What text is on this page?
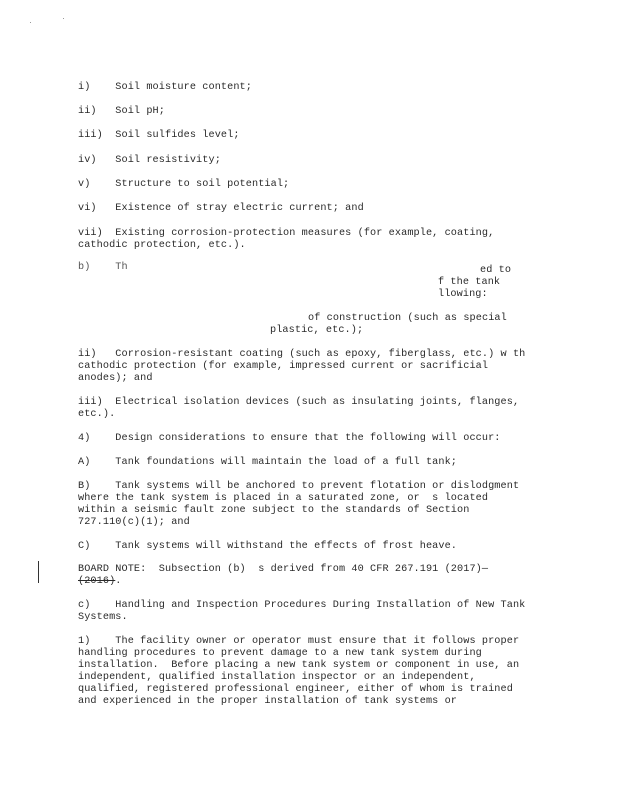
i)    Soil moisture content;
ii)   Soil pH;
iii)  Soil sulfides level;
iv)   Soil resistivity;
v)    Structure to soil potential;
vi)   Existence of stray electric current; and
vii)  Existing corrosion-protection measures (for example, coating,
cathodic protection, etc.).
b)    Th	ed to
f the tank
llowing:
of construction (such as special
plastic, etc.);
ii)   Corrosion-resistant coating (such as epoxy, fiberglass, etc.) w th
cathodic protection (for example, impressed current or sacrificial
anodes); and
iii)  Electrical isolation devices (such as insulating joints, flanges,
etc.).
4)    Design considerations to ensure that the following will occur:
A)    Tank foundations will maintain the load of a full tank;
B)    Tank systems will be anchored to prevent flotation or dislodgment
where the tank system is placed in a saturated zone, or  s located
within a seismic fault zone subject to the standards of Section
727.110(c)(1); and
C)    Tank systems will withstand the effects of frost heave.
BOARD NOTE:  Subsection (b)  s derived from 40 CFR 267.191 (2017)—
(2016).
c)    Handling and Inspection Procedures During Installation of New Tank
Systems.
1)    The facility owner or operator must ensure that it follows proper
handling procedures to prevent damage to a new tank system during
installation.  Before placing a new tank system or component in use, an
independent, qualified installation inspector or an independent,
qualified, registered professional engineer, either of whom is trained
and experienced in the proper installation of tank systems or
